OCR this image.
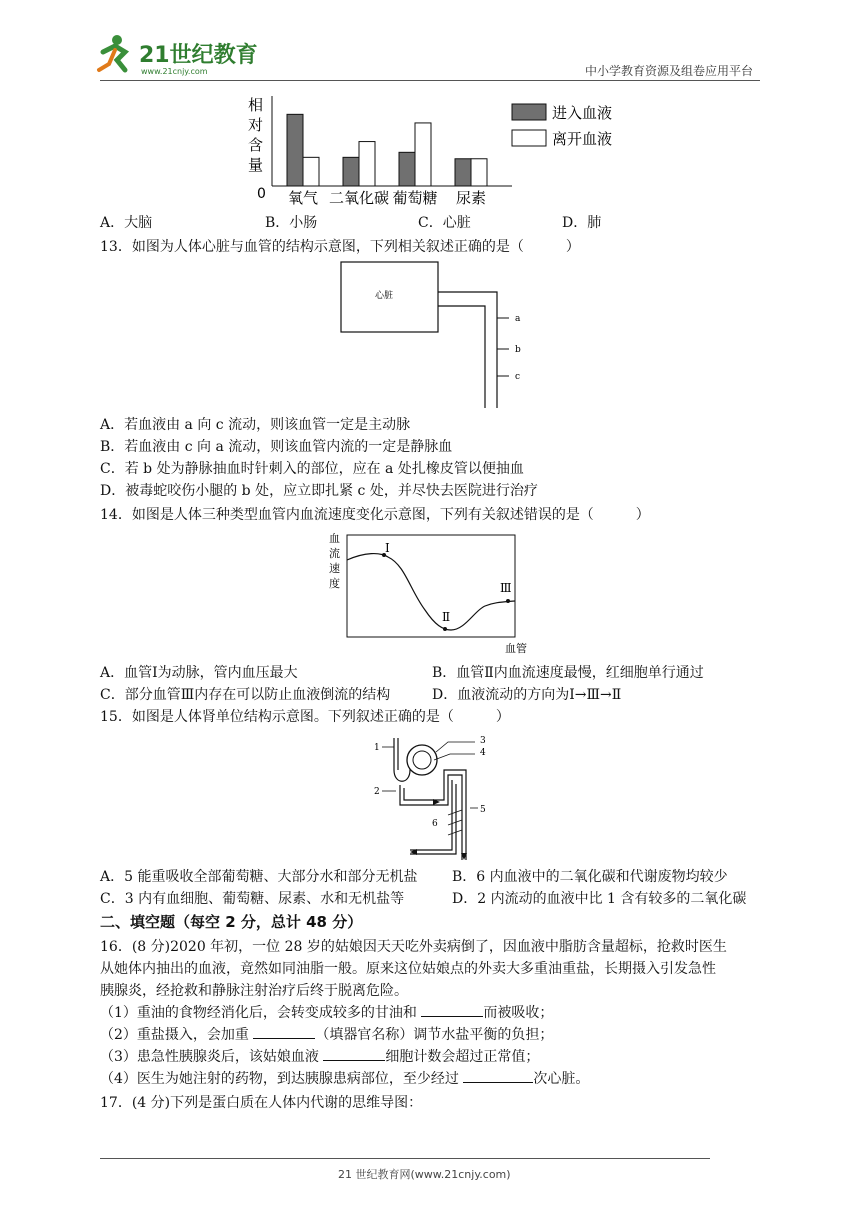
21世纪教育
www.21cnjy.com	中小学教育资源及组卷应用平台
相
对
含
量
0 氧气 二氧化碳 葡萄糖 尿素
进入血液
离开血液
A．大脑	B．小肠	C．心脏	D．肺
13．如图为人体心脏与血管的结构示意图，下列相关叙述正确的是（　　　）
心脏
a
b
c
A．若血液由 a 向 c 流动，则该血管一定是主动脉
B．若血液由 c 向 a 流动，则该血管内流的一定是静脉血
C．若 b 处为静脉抽血时针刺入的部位，应在 a 处扎橡皮管以便抽血
D．被毒蛇咬伤小腿的 b 处，应立即扎紧 c 处，并尽快去医院进行治疗
14．如图是人体三种类型血管内血流速度变化示意图，下列有关叙述错误的是（　　　）
血
流
速
度
Ⅰ
Ⅱ
Ⅲ
血管
A．血管Ⅰ为动脉，管内血压最大	B．血管Ⅱ内血流速度最慢，红细胞单行通过
C．部分血管Ⅲ内存在可以防止血液倒流的结构	D．血液流动的方向为Ⅰ→Ⅲ→Ⅱ
15．如图是人体肾单位结构示意图。下列叙述正确的是（　　　）
1
2
3
4
5
6
A．5 能重吸收全部葡萄糖、大部分水和部分无机盐 B．6 内血液中的二氧化碳和代谢废物均较少
C．3 内有血细胞、葡萄糖、尿素、水和无机盐等	D．2 内流动的血液中比 1 含有较多的二氧化碳
二、填空题（每空 2 分，总计 48 分）
16．(8 分)2020 年初，一位 28 岁的姑娘因天天吃外卖病倒了，因血液中脂肪含量超标，抢救时医生
从她体内抽出的血液，竟然如同油脂一般。原来这位姑娘点的外卖大多重油重盐，长期摄入引发急性
胰腺炎，经抢救和静脉注射治疗后终于脱离危险。
（1）重油的食物经消化后，会转变成较多的甘油和	而被吸收；
（2）重盐摄入，会加重	（填器官名称）调节水盐平衡的负担；
（3）患急性胰腺炎后，该姑娘血液	细胞计数会超过正常值；
（4）医生为她注射的药物，到达胰腺患病部位，至少经过	次心脏。
17．(4 分)下列是蛋白质在人体内代谢的思维导图：
21 世纪教育网(www.21cnjy.com)
